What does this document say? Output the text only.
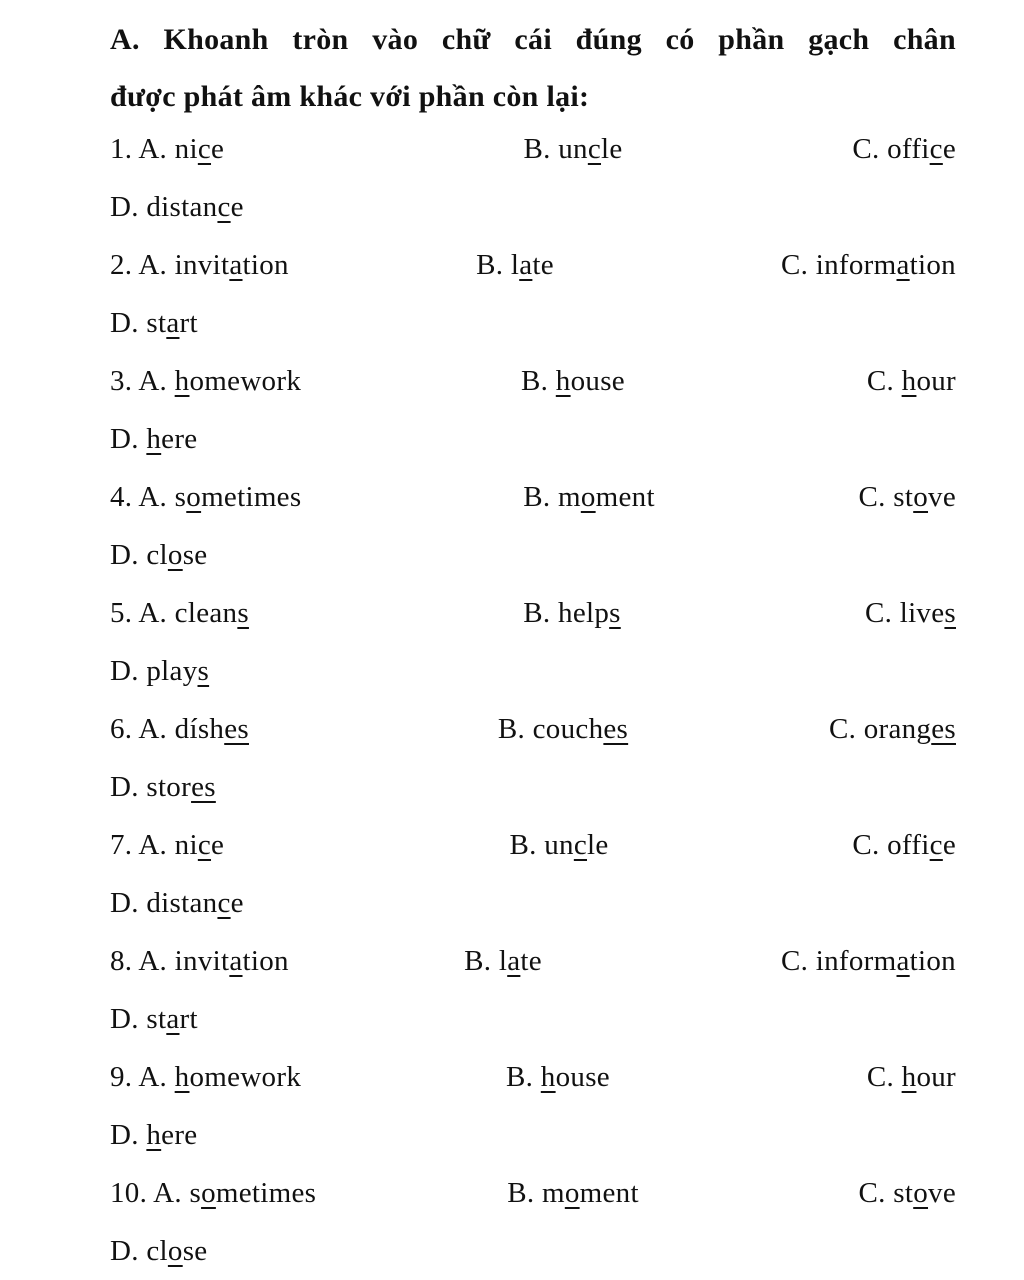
A. Khoanh tròn vào chữ cái đúng có phần gạch chân
được phát âm khác với phần còn lại:
1. A. nice	B. uncle	C. office
D. distance
2. A. invitation	B. late	C. information
D. start
3. A. homework	B. house	C. hour
D. here
4. A. sometimes	B. moment	C. stove
D. close
5. A. cleans	B. helps	C. lives
D. plays
6. A. díshes	B. couches	C. oranges
D. stores
7. A. nice	B. uncle	C. office
D. distance
8. A. invitation	B. late	C. information
D. start
9. A. homework	B. house	C. hour
D. here
10. A. sometimes	B. moment	C. stove
D. close
